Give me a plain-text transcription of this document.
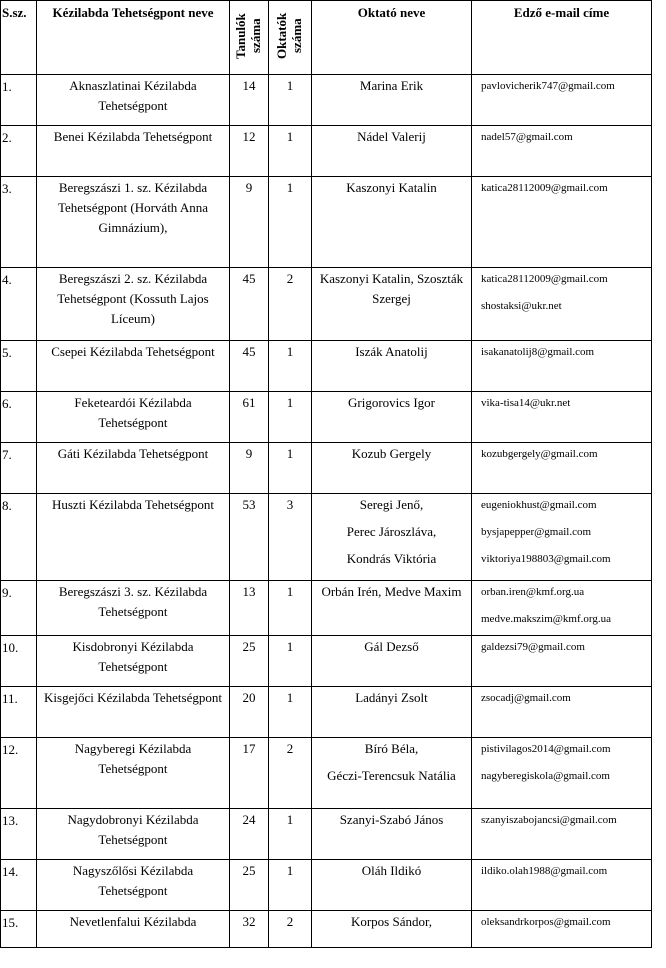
S.sz.	Kézilabda Tehetségpont neve	Tanulók száma	Oktatók száma	Oktató neve	Edző e-mail címe
1.	Aknaszlatinai Kézilabda Tehetségpont	14	1	Marina Erik	pavlovicherik747@gmail.com

2.	Benei Kézilabda Tehetségpont	12	1	Nádel Valerij	nadel57@gmail.com

3.	Beregszászi 1. sz. Kézilabda Tehetségpont (Horváth Anna Gimnázium),	9	1	Kaszonyi Katalin	katica28112009@gmail.com

4.	Beregszászi 2. sz. Kézilabda Tehetségpont (Kossuth Lajos Líceum)	45	2	Kaszonyi Katalin, Szoszták Szergej	katica28112009@gmail.com
shostaksi@ukr.net

5.	Csepei Kézilabda Tehetségpont	45	1	Iszák Anatolij	isakanatolij8@gmail.com

6.	Feketeardói Kézilabda Tehetségpont	61	1	Grigorovics Igor	vika-tisa14@ukr.net

7.	Gáti Kézilabda Tehetségpont	9	1	Kozub Gergely	kozubgergely@gmail.com

8.	Huszti Kézilabda Tehetségpont	53	3	Seregi Jenő,
Perec Jároszláva,
Kondrás Viktória	eugeniokhust@gmail.com
bysjapepper@gmail.com
viktoriya198803@gmail.com

9.	Beregszászi 3. sz. Kézilabda Tehetségpont	13	1	Orbán Irén, Medve Maxim	orban.iren@kmf.org.ua
medve.makszim@kmf.org.ua

10.	Kisdobronyi Kézilabda Tehetségpont	25	1	Gál Dezső	galdezsi79@gmail.com

11.	Kisgejőci Kézilabda Tehetségpont	20	1	Ladányi Zsolt	zsocadj@gmail.com

12.	Nagyberegi Kézilabda Tehetségpont	17	2	Bíró Béla,
Géczi-Terencsuk Natália	pistivilagos2014@gmail.com
nagyberegiskola@gmail.com

13.	Nagydobronyi Kézilabda Tehetségpont	24	1	Szanyi-Szabó János	szanyiszabojancsi@gmail.com

14.	Nagyszőlősi Kézilabda Tehetségpont	25	1	Oláh Ildikó	ildiko.olah1988@gmail.com

15.	Nevetlenfalui Kézilabda	32	2	Korpos Sándor,	oleksandrkorpos@gmail.com
